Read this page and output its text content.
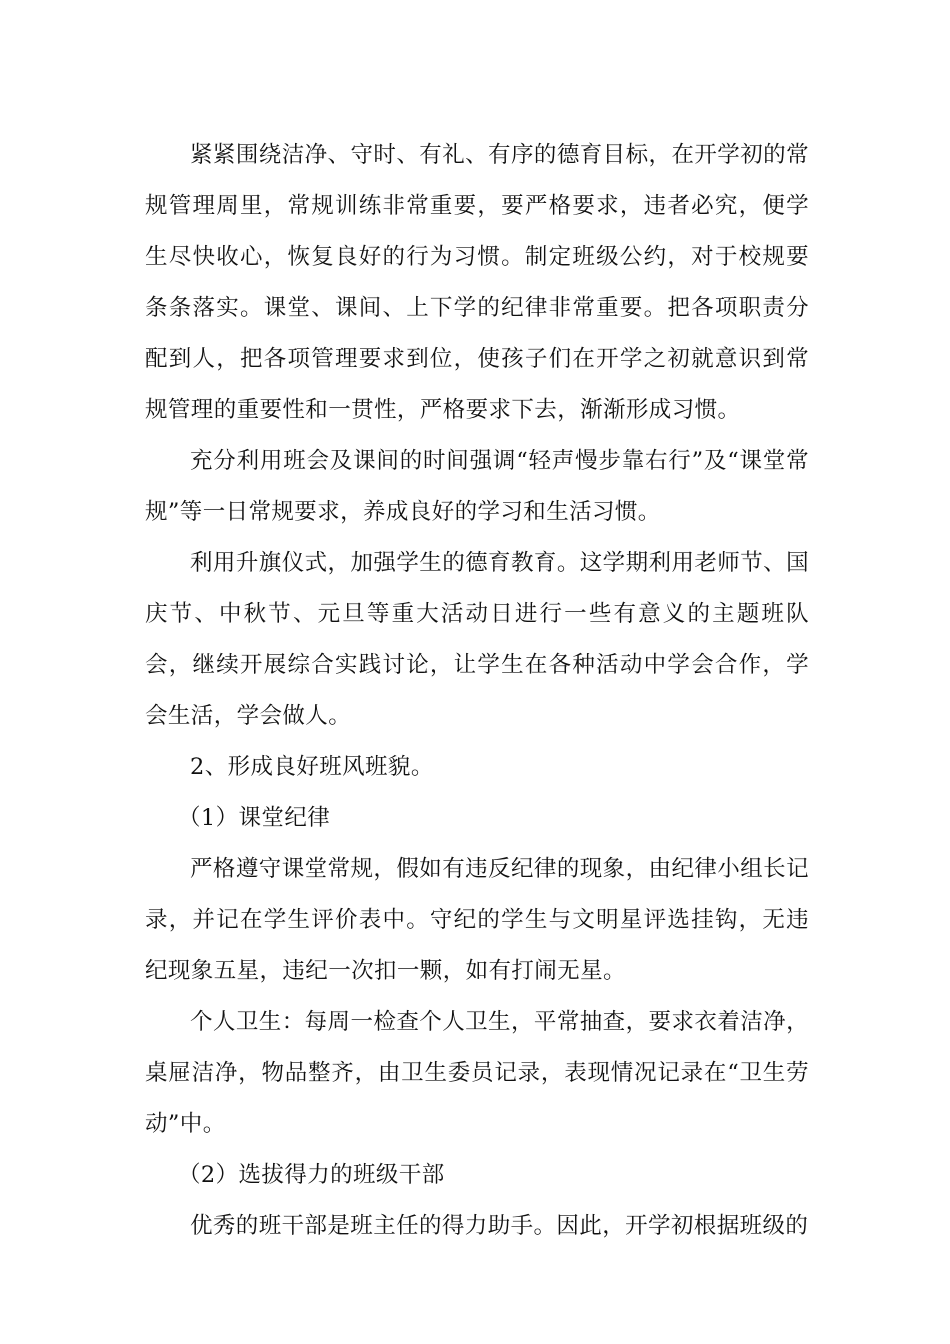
紧紧围绕洁净、守时、有礼、有序的德育目标，在开学初的常规管理周里，常规训练非常重要，要严格要求，违者必究，便学生尽快收心，恢复良好的行为习惯。制定班级公约，对于校规要条条落实。课堂、课间、上下学的纪律非常重要。把各项职责分配到人，把各项管理要求到位，使孩子们在开学之初就意识到常规管理的重要性和一贯性，严格要求下去，渐渐形成习惯。

充分利用班会及课间的时间强调“轻声慢步靠右行”及“课堂常规”等一日常规要求，养成良好的学习和生活习惯。

利用升旗仪式，加强学生的德育教育。这学期利用老师节、国庆节、中秋节、元旦等重大活动日进行一些有意义的主题班队会，继续开展综合实践讨论，让学生在各种活动中学会合作，学会生活，学会做人。

2、形成良好班风班貌。

（1）课堂纪律

严格遵守课堂常规，假如有违反纪律的现象，由纪律小组长记录，并记在学生评价表中。守纪的学生与文明星评选挂钩，无违纪现象五星，违纪一次扣一颗，如有打闹无星。

个人卫生：每周一检查个人卫生，平常抽查，要求衣着洁净，桌屉洁净，物品整齐，由卫生委员记录，表现情况记录在“卫生劳动”中。

（2）选拔得力的班级干部

优秀的班干部是班主任的得力助手。因此，开学初根据班级的
